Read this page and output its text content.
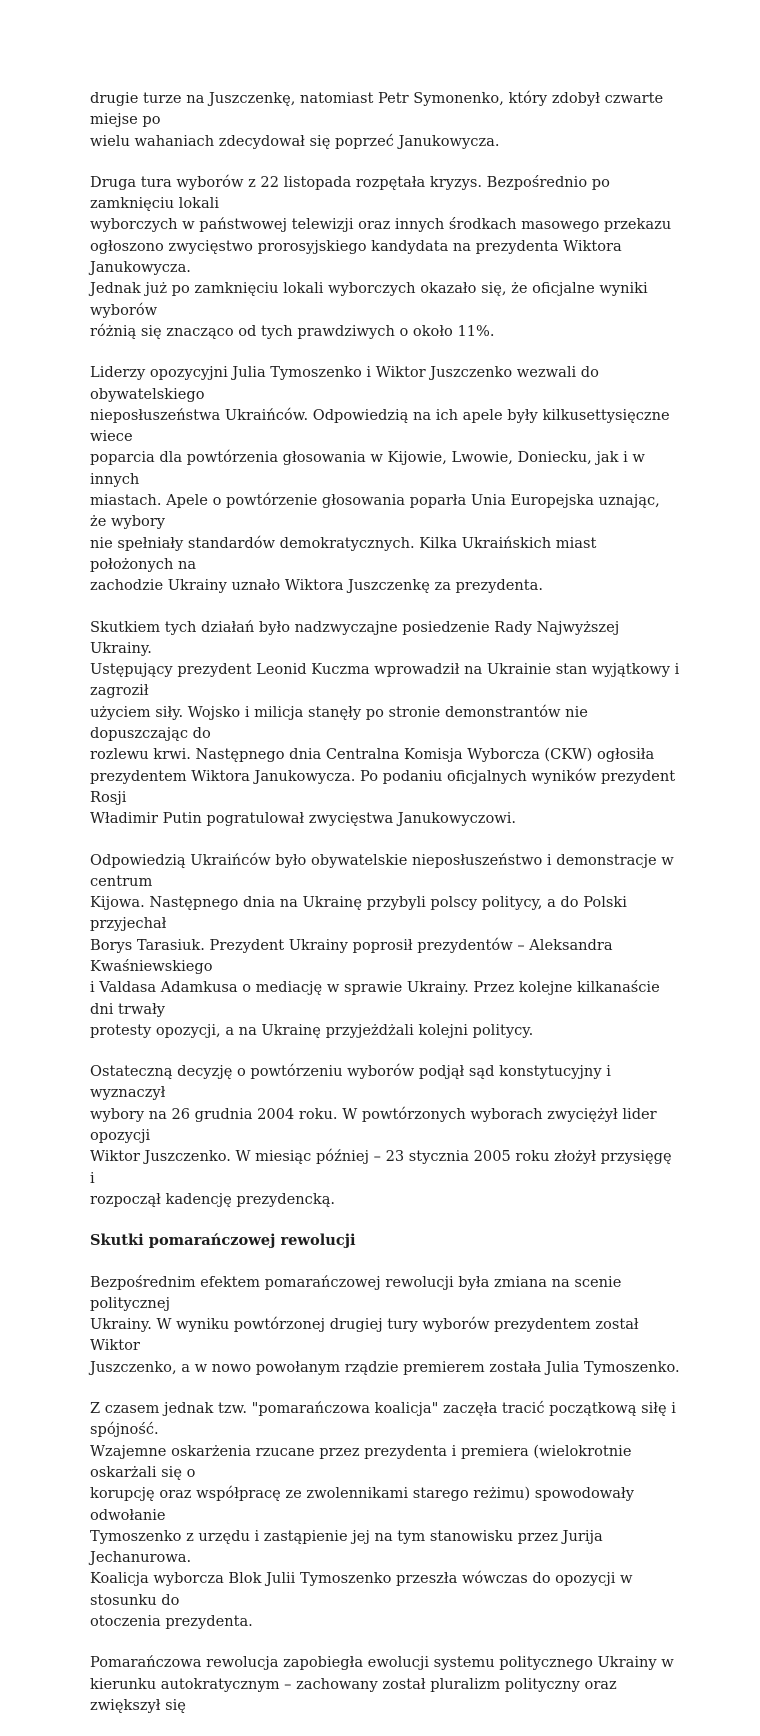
drugie turze na Juszczenkę, natomiast Petr Symonenko, który zdobył czwarte miejse po
wielu wahaniach zdecydował się poprzeć Janukowycza.

Druga tura wyborów z 22 listopada rozpętała kryzys. Bezpośrednio po zamknięciu lokali
wyborczych w państwowej telewizji oraz innych środkach masowego przekazu
ogłoszono zwycięstwo prorosyjskiego kandydata na prezydenta Wiktora Janukowycza.
Jednak już po zamknięciu lokali wyborczych okazało się, że oficjalne wyniki wyborów
różnią się znacząco od tych prawdziwych o około 11%.

Liderzy opozycyjni Julia Tymoszenko i Wiktor Juszczenko wezwali do obywatelskiego
nieposłuszeństwa Ukraińców. Odpowiedzią na ich apele były kilkusettysięczne wiece
poparcia dla powtórzenia głosowania w Kijowie, Lwowie, Doniecku, jak i w innych
miastach. Apele o powtórzenie głosowania poparła Unia Europejska uznając, że wybory
nie spełniały standardów demokratycznych. Kilka Ukraińskich miast położonych na
zachodzie Ukrainy uznało Wiktora Juszczenkę za prezydenta.

Skutkiem tych działań było nadzwyczajne posiedzenie Rady Najwyższej Ukrainy.
Ustępujący prezydent Leonid Kuczma wprowadził na Ukrainie stan wyjątkowy i zagroził
użyciem siły. Wojsko i milicja stanęły po stronie demonstrantów nie dopuszczając do
rozlewu krwi. Następnego dnia Centralna Komisja Wyborcza (CKW) ogłosiła
prezydentem Wiktora Janukowycza. Po podaniu oficjalnych wyników prezydent Rosji
Władimir Putin pogratulował zwycięstwa Janukowyczowi.

Odpowiedzią Ukraińców było obywatelskie nieposłuszeństwo i demonstracje w centrum
Kijowa. Następnego dnia na Ukrainę przybyli polscy politycy, a do Polski przyjechał
Borys Tarasiuk. Prezydent Ukrainy poprosił prezydentów – Aleksandra Kwaśniewskiego
i Valdasa Adamkusa o mediację w sprawie Ukrainy. Przez kolejne kilkanaście dni trwały
protesty opozycji, a na Ukrainę przyjeżdżali kolejni politycy.

Ostateczną decyzję o powtórzeniu wyborów podjął sąd konstytucyjny i wyznaczył
wybory na 26 grudnia 2004 roku. W powtórzonych wyborach zwyciężył lider opozycji
Wiktor Juszczenko. W miesiąc później – 23 stycznia 2005 roku złożył przysięgę i
rozpoczął kadencję prezydencką.

Skutki pomarańczowej rewolucji

Bezpośrednim efektem pomarańczowej rewolucji była zmiana na scenie politycznej
Ukrainy. W wyniku powtórzonej drugiej tury wyborów prezydentem został Wiktor
Juszczenko, a w nowo powołanym rządzie premierem została Julia Tymoszenko.

Z czasem jednak tzw. "pomarańczowa koalicja" zaczęła tracić początkową siłę i spójność.
Wzajemne oskarżenia rzucane przez prezydenta i premiera (wielokrotnie oskarżali się o
korupcję oraz współpracę ze zwolennikami starego reżimu) spowodowały odwołanie
Tymoszenko z urzędu i zastąpienie jej na tym stanowisku przez Jurija Jechanurowa.
Koalicja wyborcza Blok Julii Tymoszenko przeszła wówczas do opozycji w stosunku do
otoczenia prezydenta.

Pomarańczowa rewolucja zapobiegła ewolucji systemu politycznego Ukrainy w
kierunku autokratycznym – zachowany został pluralizm polityczny oraz zwiększył się
